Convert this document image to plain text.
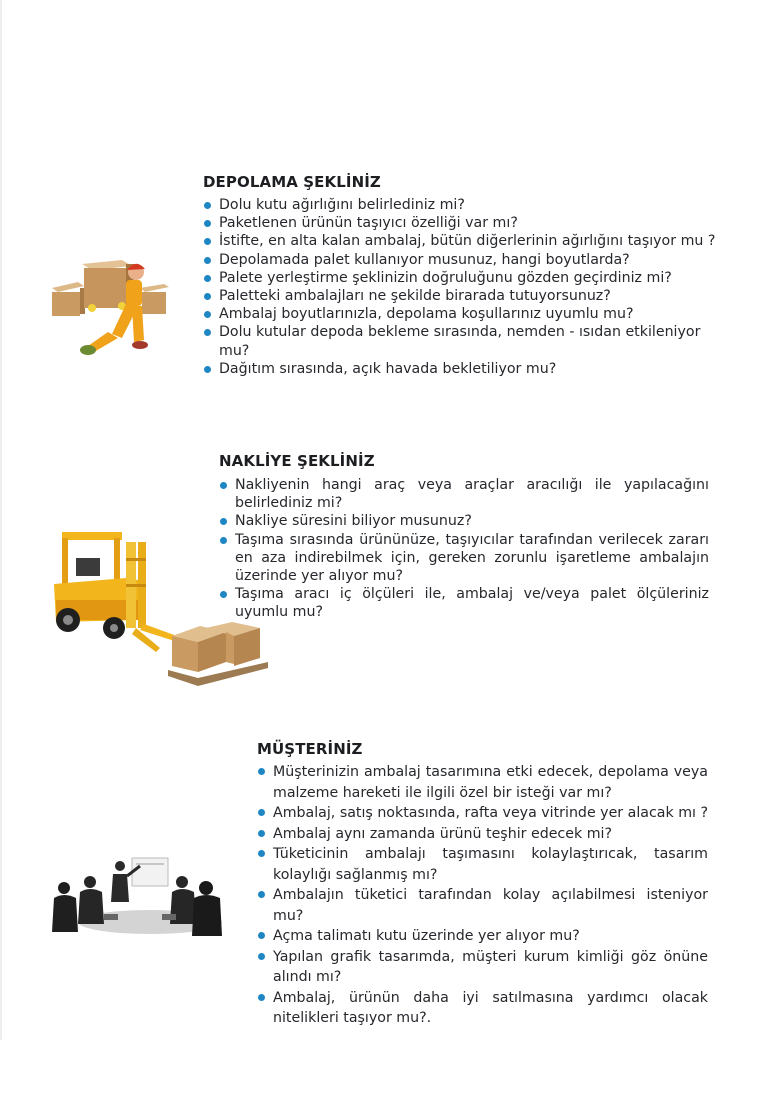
DEPOLAMA ŞEKLİNİZ
Dolu kutu ağırlığını belirlediniz mi?
Paketlenen ürünün taşıyıcı özelliği var mı?
İstifte, en alta kalan ambalaj, bütün diğerlerinin ağırlığını taşıyor mu ?
Depolamada palet kullanıyor musunuz, hangi boyutlarda?
Palete yerleştirme şeklinizin doğruluğunu gözden geçirdiniz mi?
Paletteki ambalajları ne şekilde birarada tutuyorsunuz?
Ambalaj boyutlarınızla, depolama koşullarınız uyumlu mu?
Dolu kutular depoda bekleme sırasında, nemden - ısıdan etkileniyor mu?
Dağıtım sırasında, açık havada bekletiliyor mu?
NAKLİYE ŞEKLİNİZ
Nakliyenin hangi araç veya araçlar aracılığı ile yapılacağını belirlediniz mi?
Nakliye süresini biliyor musunuz?
Taşıma sırasında ürününüze, taşıyıcılar tarafından verilecek zararı en aza indirebilmek için, gereken zorunlu işaretleme ambalajın üzerinde yer alıyor mu?
Taşıma aracı iç ölçüleri ile, ambalaj ve/veya palet ölçüleriniz uyumlu mu?
MÜŞTERİNİZ
Müşterinizin ambalaj tasarımına etki edecek, depolama veya malzeme hareketi ile ilgili özel bir isteği var mı?
Ambalaj, satış noktasında, rafta veya vitrinde yer alacak mı ?
Ambalaj aynı zamanda ürünü teşhir edecek mi?
Tüketicinin ambalajı taşımasını kolaylaştırıcak, tasarım kolaylığı sağlanmış mı?
Ambalajın tüketici tarafından kolay açılabilmesi isteniyor mu?
Açma talimatı kutu üzerinde yer alıyor mu?
Yapılan grafik tasarımda, müşteri kurum kimliği göz önüne alındı mı?
Ambalaj, ürünün daha iyi satılmasına yardımcı olacak nitelikleri taşıyor mu?.
